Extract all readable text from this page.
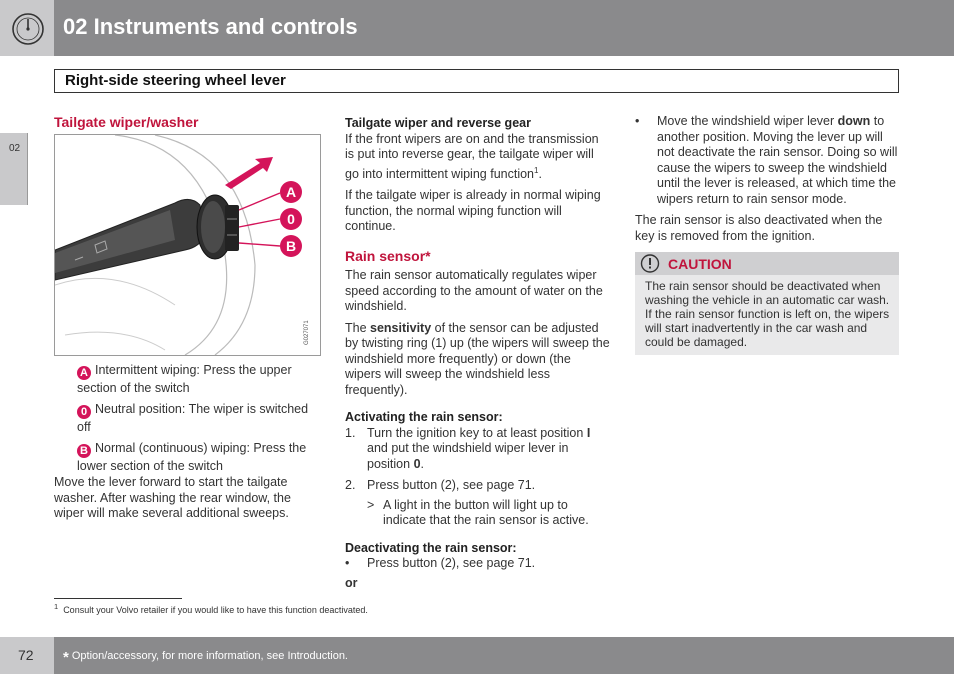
02 Instruments and controls
Right-side steering wheel lever
02
Tailgate wiper/washer
A
0
B
G027071
A Intermittent wiping: Press the upper section of the switch
0 Neutral position: The wiper is switched off
B Normal (continuous) wiping: Press the lower section of the switch
Move the lever forward to start the tailgate washer. After washing the rear window, the wiper will make several additional sweeps.
Tailgate wiper and reverse gear

If the front wipers are on and the transmission is put into reverse gear, the tailgate wiper will go into intermittent wiping function$^1$.

If the tailgate wiper is already in normal wiping function, the normal wiping function will continue.

Rain sensor*

The rain sensor automatically regulates wiper speed according to the amount of water on the windshield.

The sensitivity of the sensor can be adjusted by twisting ring (1) up (the wipers will sweep the windshield more frequently) or down (the wipers will sweep the windshield less frequently).

Activating the rain sensor:
1. Turn the ignition key to at least position I and put the windshield wiper lever in position 0.
2. Press button (2), see page 71.
> A light in the button will light up to indicate that the rain sensor is active.
Deactivating the rain sensor:
• Press button (2), see page 71.
or
• Move the windshield wiper lever down to another position. Moving the lever up will not deactivate the rain sensor. Doing so will cause the wipers to sweep the windshield until the lever is released, at which time the wipers return to rain sensor mode.

The rain sensor is also deactivated when the key is removed from the ignition.

CAUTION
The rain sensor should be deactivated when washing the vehicle in an automatic car wash. If the rain sensor function is left on, the wipers will start inadvertently in the car wash and could be damaged.
$^1$ Consult your Volvo retailer if you would like to have this function deactivated.
72 * Option/accessory, for more information, see Introduction.
